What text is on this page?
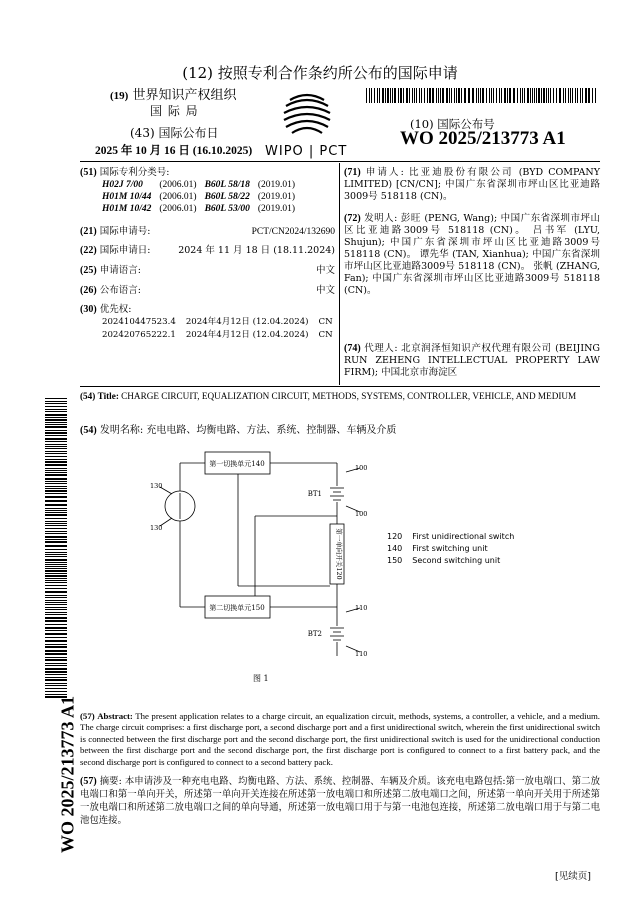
(12) 按照专利合作条约所公布的国际申请
(19) 世界知识产权组织
国 际 局
(43) 国际公布日
2025 年 10 月 16 日 (16.10.2025) WIPO | PCT
(10) 国际公布号
WO 2025/213773 A1
(51) 国际专利分类号:
H02J 7/00	(2006.01)	B60L 58/18	(2019.01)
H01M 10/44	(2006.01)	B60L 58/22	(2019.01)
H01M 10/42	(2006.01)	B60L 53/00	(2019.01)
(21) 国际申请号:	PCT/CN2024/132690
(22) 国际申请日:	2024 年 11 月 18 日 (18.11.2024)
(25) 申请语言:	中文
(26) 公布语言:	中文
(30) 优先权:
202410447523.4	2024年4月12日 (12.04.2024)	CN
202420765222.1	2024年4月12日 (12.04.2024)	CN
(71) 申请人: 比亚迪股份有限公司 (BYD COMPANY LIMITED) [CN/CN]; 中国广东省深圳市坪山区比亚迪路3009号 518118 (CN)。
(72) 发明人: 彭旺 (PENG, Wang); 中国广东省深圳市坪山区比亚迪路3009号 518118 (CN)。 吕书军 (LYU, Shujun); 中国广东省深圳市坪山区比亚迪路3009号 518118 (CN)。 谭先华 (TAN, Xianhua); 中国广东省深圳市坪山区比亚迪路3009号 518118 (CN)。 张帆 (ZHANG, Fan); 中国广东省深圳市坪山区比亚迪路3009号 518118 (CN)。
(74) 代理人: 北京润泽恒知识产权代理有限公司 (BEIJING RUN ZEHENG INTELLECTUAL PROPERTY LAW FIRM); 中国北京市海淀区
WO 2025/213773 A1
(54) Title: CHARGE CIRCUIT, EQUALIZATION CIRCUIT, METHODS, SYSTEMS, CONTROLLER, VEHICLE, AND MEDIUM
(54) 发明名称: 充电电路、均衡电路、方法、系统、控制器、车辆及介质
第一切换单元140
第二切换单元150
第一单向开关120
BT1
BT2
130
130
100
100
110
110
120	First unidirectional switch
140	First switching unit
150	Second switching unit
图 1
(57) Abstract: The present application relates to a charge circuit, an equalization circuit, methods, systems, a controller, a vehicle, and a medium. The charge circuit comprises: a first discharge port, a second discharge port and a first unidirectional switch, wherein the first unidirectional switch is connected between the first discharge port and the second discharge port, the first unidirectional switch is used for the unidirectional conduction between the first discharge port and the second discharge port, the first discharge port is configured to connect to a first battery pack, and the second discharge port is configured to connect to a second battery pack.
(57) 摘要: 本申请涉及一种充电电路、均衡电路、方法、系统、控制器、车辆及介质。该充电电路包括:第一放电端口、第二放电端口和第一单向开关，所述第一单向开关连接在所述第一放电端口和所述第二放电端口之间，所述第一单向开关用于所述第一放电端口和所述第二放电端口之间的单向导通，所述第一放电端口用于与第一电池包连接，所述第二放电端口用于与第二电池包连接。
[见续页]
